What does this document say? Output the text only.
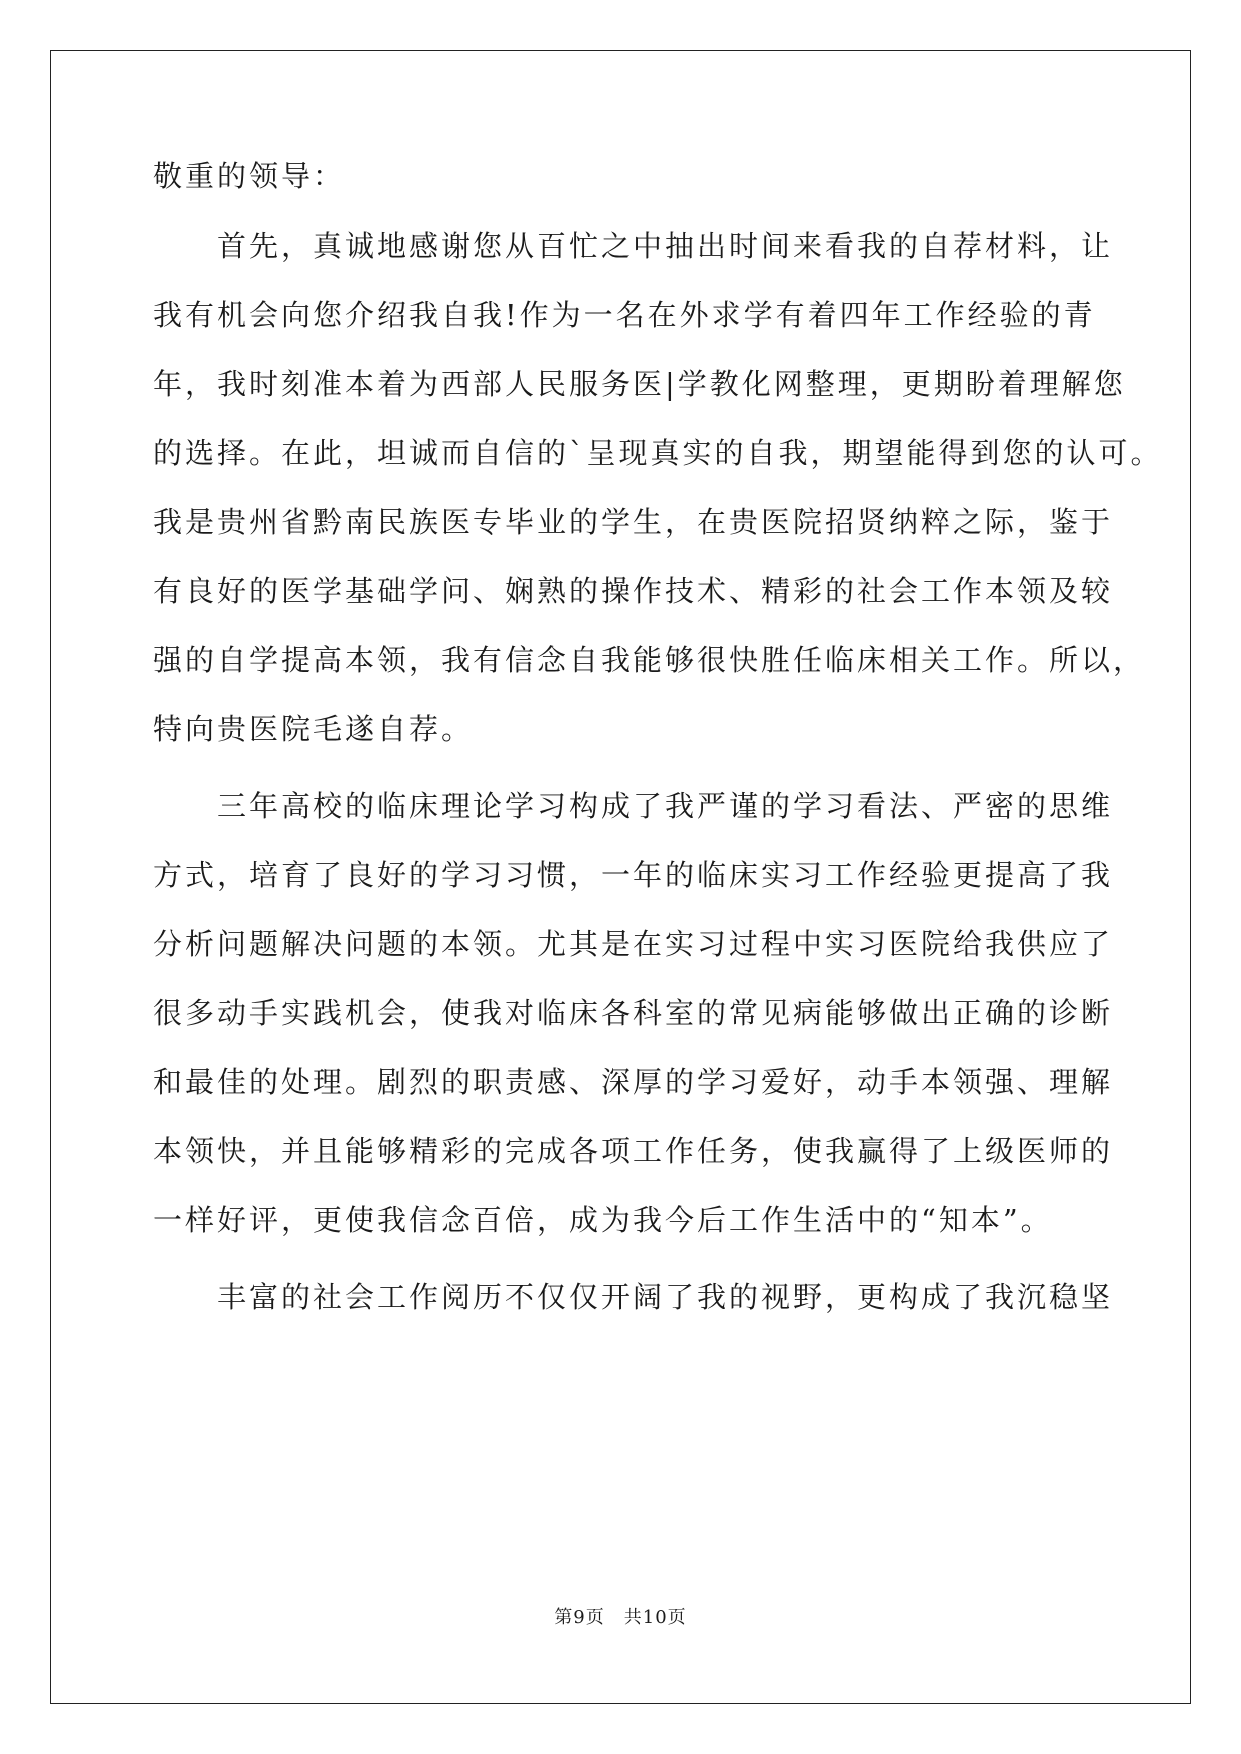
敬重的领导：

　　首先，真诚地感谢您从百忙之中抽出时间来看我的自荐材料，让

我有机会向您介绍我自我!作为一名在外求学有着四年工作经验的青

年，我时刻准本着为西部人民服务医|学教化网整理，更期盼着理解您

的选择。在此，坦诚而自信的`呈现真实的自我，期望能得到您的认可。

我是贵州省黔南民族医专毕业的学生，在贵医院招贤纳粹之际，鉴于

有良好的医学基础学问、娴熟的操作技术、精彩的社会工作本领及较

强的自学提高本领，我有信念自我能够很快胜任临床相关工作。所以，

特向贵医院毛遂自荐。

　　三年高校的临床理论学习构成了我严谨的学习看法、严密的思维

方式，培育了良好的学习习惯，一年的临床实习工作经验更提高了我

分析问题解决问题的本领。尤其是在实习过程中实习医院给我供应了

很多动手实践机会，使我对临床各科室的常见病能够做出正确的诊断

和最佳的处理。剧烈的职责感、深厚的学习爱好，动手本领强、理解

本领快，并且能够精彩的完成各项工作任务，使我赢得了上级医师的

一样好评，更使我信念百倍，成为我今后工作生活中的“知本”。

　　丰富的社会工作阅历不仅仅开阔了我的视野，更构成了我沉稳坚

第9页　共10页
